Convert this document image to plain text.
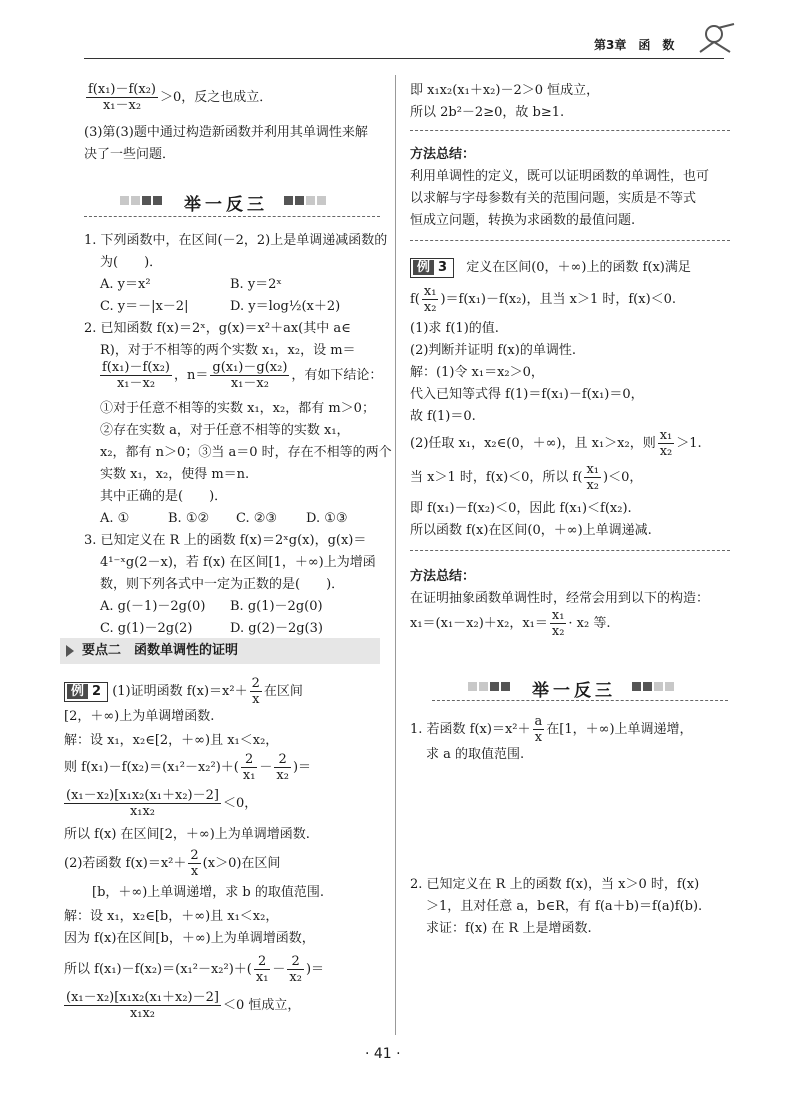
第3章　函　数
$\frac{\text{f(x₁)－f(x₂)}}{\text{x₁－x₂}} >0$，反之也成立．
(3)第(3)题中通过构造新函数并利用其单调性来解
决了一些问题．
举一反三
1. 下列函数中，在区间(－2，2)上是单调递减函数的
为(　　)．
A. y＝x²	B. y＝2ˣ
C. y＝－|x－2|	D. y＝log½(x＋2)
2. 已知函数 f(x)＝2ˣ，g(x)＝x²＋ax(其中 a∈
R)，对于不相等的两个实数 x₁，x₂，设 m＝
$\frac{\text{f(x₁)－f(x₂)}}{\text{x₁－x₂}}$ ，$n= \frac{\text{g(x₁)－g(x₂)}}{\text{x₁－x₂}}$ ，有如下结论：
①对于任意不相等的实数 x₁，x₂，都有 m＞0；
②存在实数 a，对于任意不相等的实数 x₁，
x₂，都有 n＞0；③当 a＝0 时，存在不相等的两个
实数 x₁，x₂，使得 m＝n.
其中正确的是(　　)．
A. ①	B. ①② C. ②③ D. ①③
3. 已知定义在 R 上的函数 f(x)＝2ˣg(x)，g(x)＝
4¹⁻ˣg(2－x)，若 f(x) 在区间[1，＋∞)上为增函
数，则下列各式中一定为正数的是(　　)．
A. g(－1)－2g(0) B. g(1)－2g(0)
C. g(1)－2g(2)	D. g(2)－2g(3)
要点二　函数单调性的证明
例 2 (1)证明函数 $f(x)=x^2+ \frac{2}{x}$ 在区间
[2，＋∞)上为单调增函数.
解：设 x₁，x₂∈[2，＋∞)且 x₁＜x₂，
则 $f(x_1)-f(x_2)=(x_1^2-x_2^2)+( \frac{2}{\text{x₁}} - \frac{2}{\text{x₂}}$ )＝
$\frac{\text{(x₁－x₂)[x₁x₂(x₁＋x₂)－2]}}{\text{x₁x₂}} <0$，
所以 f(x) 在区间[2，＋∞)上为单调增函数.
(2)若函数 $f(x)=x^2+ \frac{2}{x} (x>0)$在区间
[b，＋∞)上单调递增，求 b 的取值范围.
解：设 x₁，x₂∈[b，＋∞)且 x₁＜x₂，
因为 f(x)在区间[b，＋∞)上为单调增函数，
所以 $f(x_1)-f(x_2)=(x_1^2-x_2^2)+( \frac{2}{\text{x₁}} - \frac{2}{\text{x₂}}$ )＝
$\frac{\text{(x₁－x₂)[x₁x₂(x₁＋x₂)－2]}}{\text{x₁x₂}} <0$ 恒成立，
即 x₁x₂(x₁＋x₂)－2＞0 恒成立，
所以 2b²－2≥0，故 b≥1.
方法总结：
利用单调性的定义，既可以证明函数的单调性，也可
以求解与字母参数有关的范围问题，实质是不等式
恒成立问题，转换为求函数的最值问题.
例 3 定义在区间(0，＋∞)上的函数 f(x)满足
$f( \frac{\text{x₁}}{\text{x₂}} )=f(x_1)-f(x_2)$，且当 x＞1 时，f(x)＜0.
(1)求 f(1)的值.
(2)判断并证明 f(x)的单调性.
解：(1)令 x₁＝x₂＞0，
代入已知等式得 f(1)＝f(x₁)－f(x₁)＝0，
故 f(1)＝0.
(2)任取 x₁，x₂∈(0，＋∞)，且 x₁＞x₂，则 $\frac{\text{x₁}}{\text{x₂}} >1$.
当 x＞1 时，f(x)＜0，所以 $f( \frac{\text{x₁}}{\text{x₂}} )<0$，
即 f(x₁)－f(x₂)＜0，因此 f(x₁)＜f(x₂).
所以函数 f(x)在区间(0，＋∞)上单调递减.
方法总结：
在证明抽象函数单调性时，经常会用到以下的构造：
x₁＝(x₁－x₂)＋x₂，$x_1= \frac{\text{x₁}}{\text{x₂}} \cdot x_2$ 等.
举一反三
1. 若函数 $f(x)=x^2+ \frac{a}{x}$ 在[1，＋∞)上单调递增，
求 a 的取值范围.
2. 已知定义在 R 上的函数 f(x)，当 x＞0 时，f(x)
＞1，且对任意 a，b∈R，有 f(a＋b)＝f(a)f(b).
求证：f(x) 在 R 上是增函数.
· 41 ·
